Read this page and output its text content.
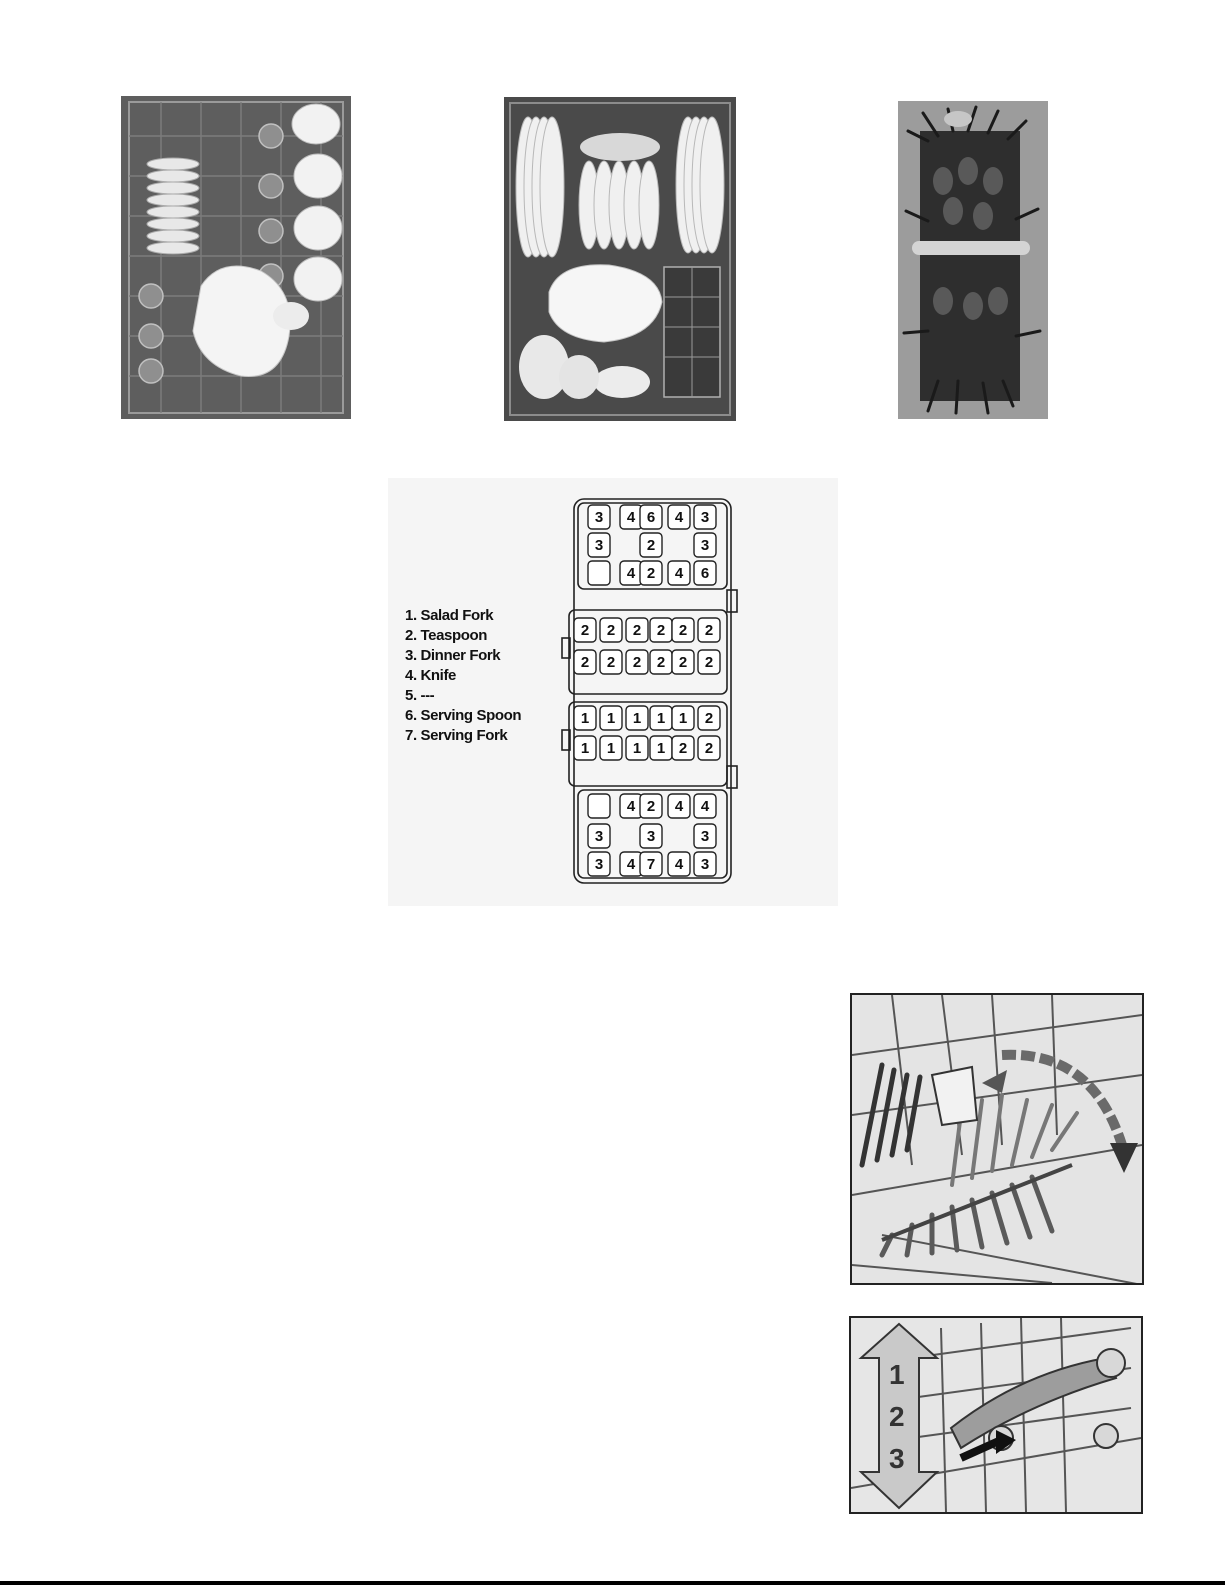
1. Salad Fork
2. Teaspoon
3. Dinner Fork
4. Knife
5. ---
6. Serving Spoon
7. Serving Fork
3 4 6 4 3
3	2	3
4 2 4 6
2 2 2 2 2 2
2 2 2 2 2 2
1 1 1 1 1 2
1 1 1 1 2 2
4 2 4 4
3	3	3
3 4 7 4 3
1
2
3
